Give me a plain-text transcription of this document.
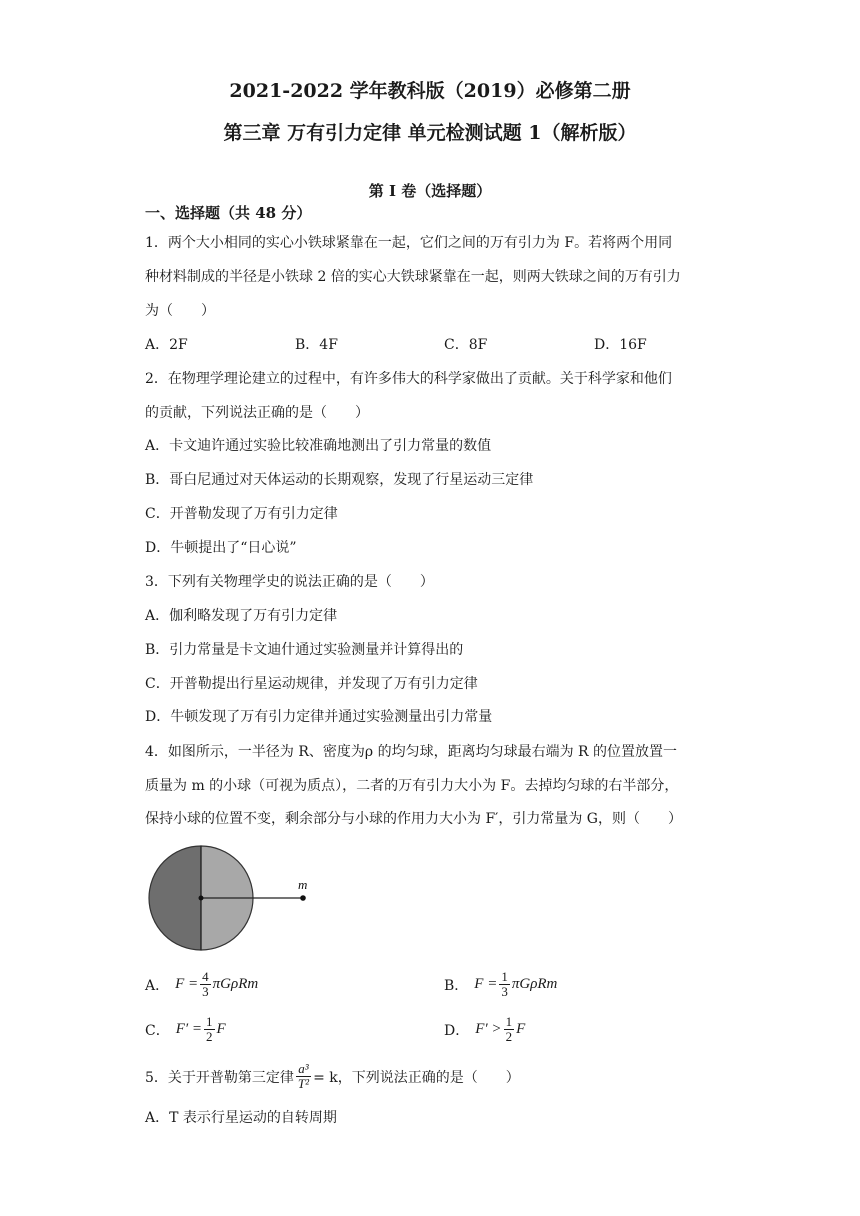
2021-2022 学年教科版（2019）必修第二册
第三章 万有引力定律 单元检测试题 1（解析版）
第 I 卷（选择题）
一、选择题（共 48 分）
1．两个大小相同的实心小铁球紧靠在一起，它们之间的万有引力为 F。若将两个用同
种材料制成的半径是小铁球 2 倍的实心大铁球紧靠在一起，则两大铁球之间的万有引力
为（　　）
A．2F	B．4F	C．8F	D．16F
2．在物理学理论建立的过程中，有许多伟大的科学家做出了贡献。关于科学家和他们
的贡献，下列说法正确的是（　　）
A．卡文迪许通过实验比较准确地测出了引力常量的数值
B．哥白尼通过对天体运动的长期观察，发现了行星运动三定律
C．开普勒发现了万有引力定律
D．牛顿提出了“日心说”
3．下列有关物理学史的说法正确的是（　　）
A．伽利略发现了万有引力定律
B．引力常量是卡文迪什通过实验测量并计算得出的
C．开普勒提出行星运动规律，并发现了万有引力定律
D．牛顿发现了万有引力定律并通过实验测量出引力常量
4．如图所示，一半径为 R、密度为ρ 的均匀球，距离均匀球最右端为 R 的位置放置一
质量为 m 的小球（可视为质点），二者的万有引力大小为 F。去掉均匀球的右半部分，
保持小球的位置不变，剩余部分与小球的作用力大小为 F′，引力常量为 G，则（　　）
m
A． $F = \frac{4}{3}$ πGρRm	B． $F = \frac{1}{3}$ πGρRm
C． $F' = \frac{1}{2}$ F	D． $F' > \frac{1}{2}$ F
5．关于开普勒第三定律 $\frac{\text{a³}}{\text{T²}} = k$，下列说法正确的是（　　）
A．T 表示行星运动的自转周期
